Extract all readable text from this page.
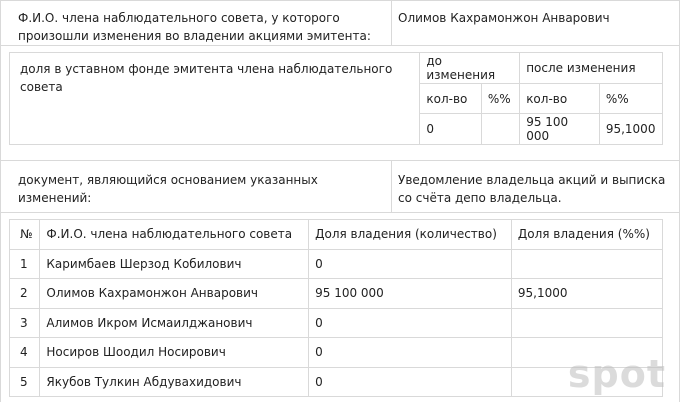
Ф.И.О. члена наблюдательного совета, у которого произошли изменения во владении акциями эмитента:

Олимов Кахрамонжон Анварович

доля в уставном фонде эмитента члена наблюдательного совета
	до изменения	после изменения
кол-во	%%	кол-во	%%
0		95 100 000	95,1000

документ, являющийся основанием указанных изменений:

Уведомление владельца акций и выписка со счёта депо владельца.

№	Ф.И.О. члена наблюдательного совета	Доля владения (количество)	Доля владения (%%)
1	Каримбаев Шерзод Кобилович	0	
2	Олимов Кахрамонжон Анварович	95 100 000	95,1000
3	Алимов Икром Исмаилджанович	0	
4	Носиров Шоодил Носирович	0	
5	Якубов Тулкин Абдувахидович	0		spot
